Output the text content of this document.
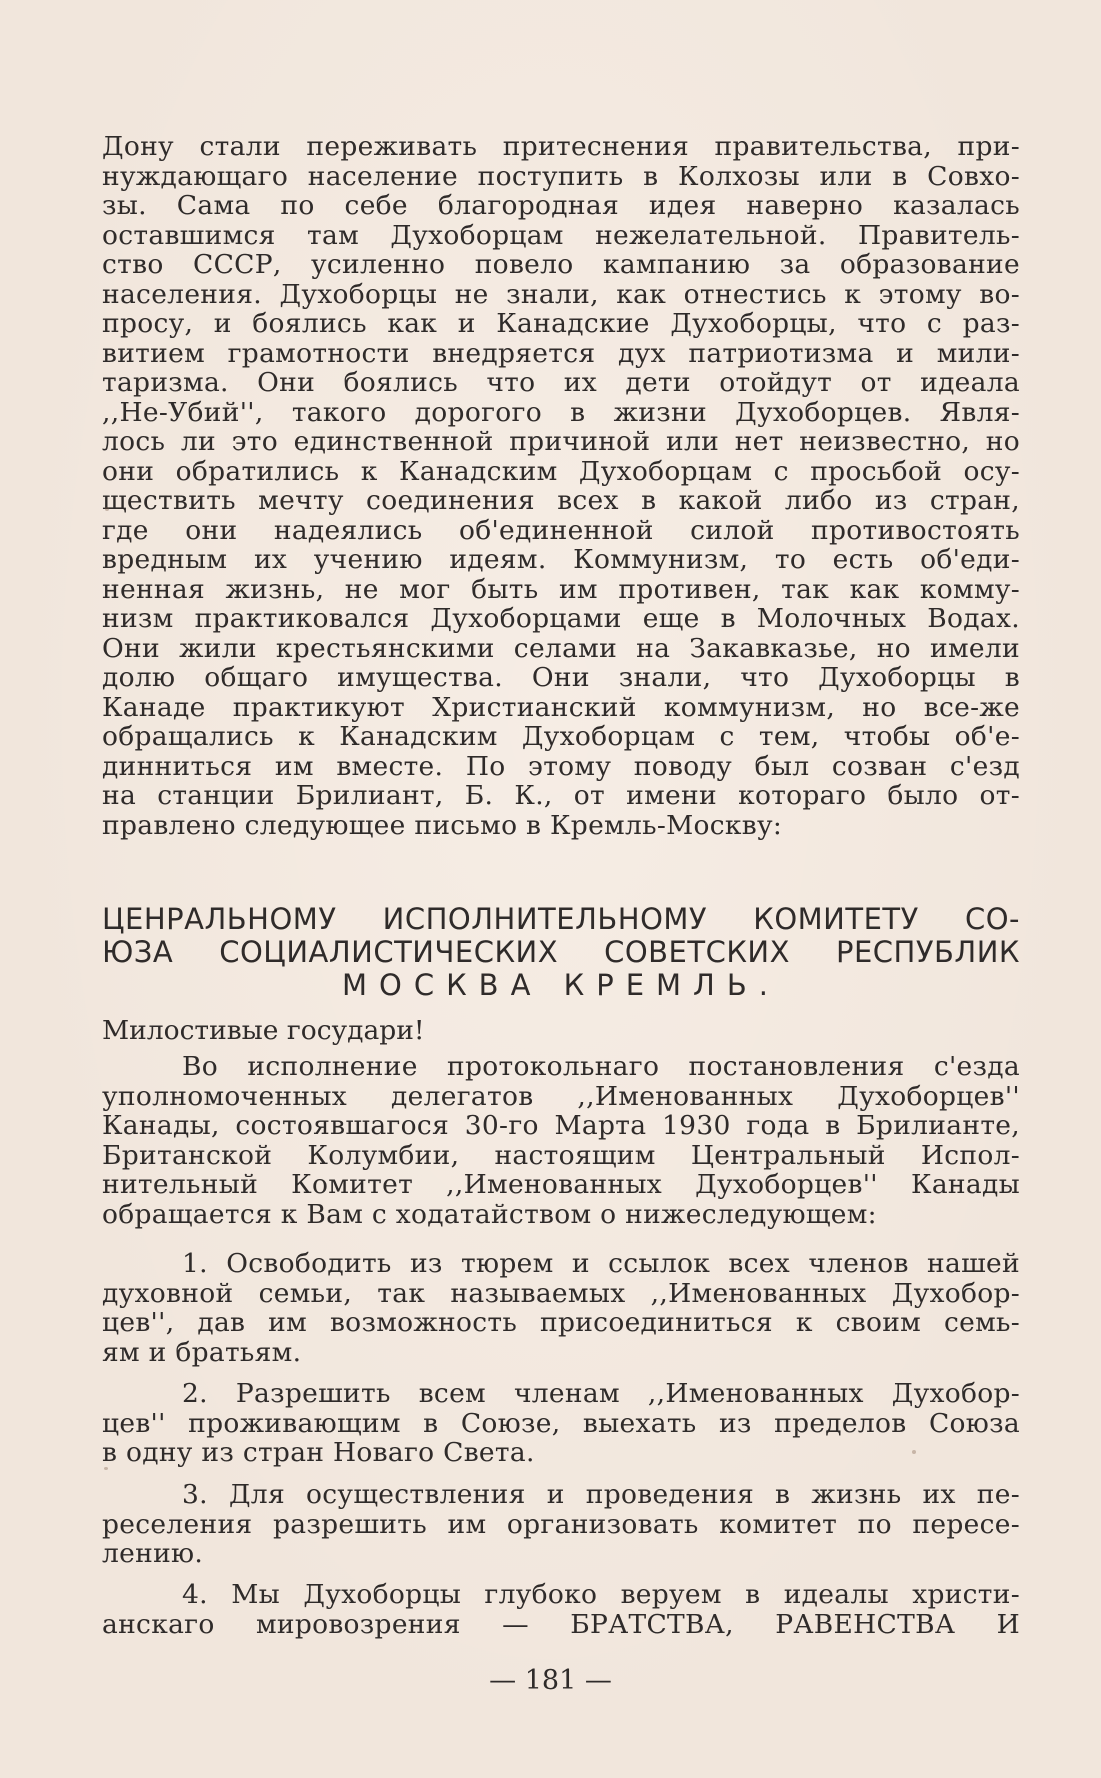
Дону стали переживать притеснения правительства, при-
нуждающаго население поступить в Колхозы или в Совхо-
зы. Сама по себе благородная идея наверно казалась
оставшимся там Духоборцам нежелательной. Правитель-
ство СССР, усиленно повело кампанию за образование
населения. Духоборцы не знали, как отнестись к этому во-
просу, и боялись как и Канадские Духоборцы, что с раз-
витием грамотности внедряется дух патриотизма и мили-
таризма. Они боялись что их дети отойдут от идеала
,,Не-Убий'', такого дорогого в жизни Духоборцев. Явля-
лось ли это единственной причиной или нет неизвестно, но
они обратились к Канадским Духоборцам с просьбой осу-
ществить мечту соединения всех в какой либо из стран,
где они надеялись об'единенной силой противостоять
вредным их учению идеям. Коммунизм, то есть об'еди-
ненная жизнь, не мог быть им противен, так как комму-
низм практиковался Духоборцами еще в Молочных Водах.
Они жили крестьянскими селами на Закавказье, но имели
долю общаго имущества. Они знали, что Духоборцы в
Канаде практикуют Христианский коммунизм, но все-же
обращались к Канадским Духоборцам с тем, чтобы об'е-
динниться им вместе. По этому поводу был созван с'езд
на станции Брилиант, Б. К., от имени котораго было от-
правлено следующее письмо в Кремль-Москву:
ЦЕНРАЛЬНОМУ ИСПОЛНИТЕЛЬНОМУ КОМИТЕТУ СО-
ЮЗА СОЦИАЛИСТИЧЕСКИХ СОВЕТСКИХ РЕСПУБЛИК
МОСКВА КРЕМЛЬ.
Милостивые государи!
Во исполнение протокольнаго постановления с'езда
уполномоченных делегатов ,,Именованных Духоборцев''
Канады, состоявшагося 30-го Марта 1930 года в Брилианте,
Британской Колумбии, настоящим Центральный Испол-
нительный Комитет ,,Именованных Духоборцев'' Канады
обращается к Вам с ходатайством о нижеследующем:
1. Освободить из тюрем и ссылок всех членов нашей
духовной семьи, так называемых ,,Именованных Духобор-
цев'', дав им возможность присоединиться к своим семь-
ям и братьям.
2. Разрешить всем членам ,,Именованных Духобор-
цев'' проживающим в Союзе, выехать из пределов Союза
в одну из стран Новаго Света.
3. Для осуществления и проведения в жизнь их пе-
реселения разрешить им организовать комитет по пересе-
лению.
4. Мы Духоборцы глубоко веруем в идеалы христи-
анскаго мировозрения — БРАТСТВА, РАВЕНСТВА И
— 181 —
